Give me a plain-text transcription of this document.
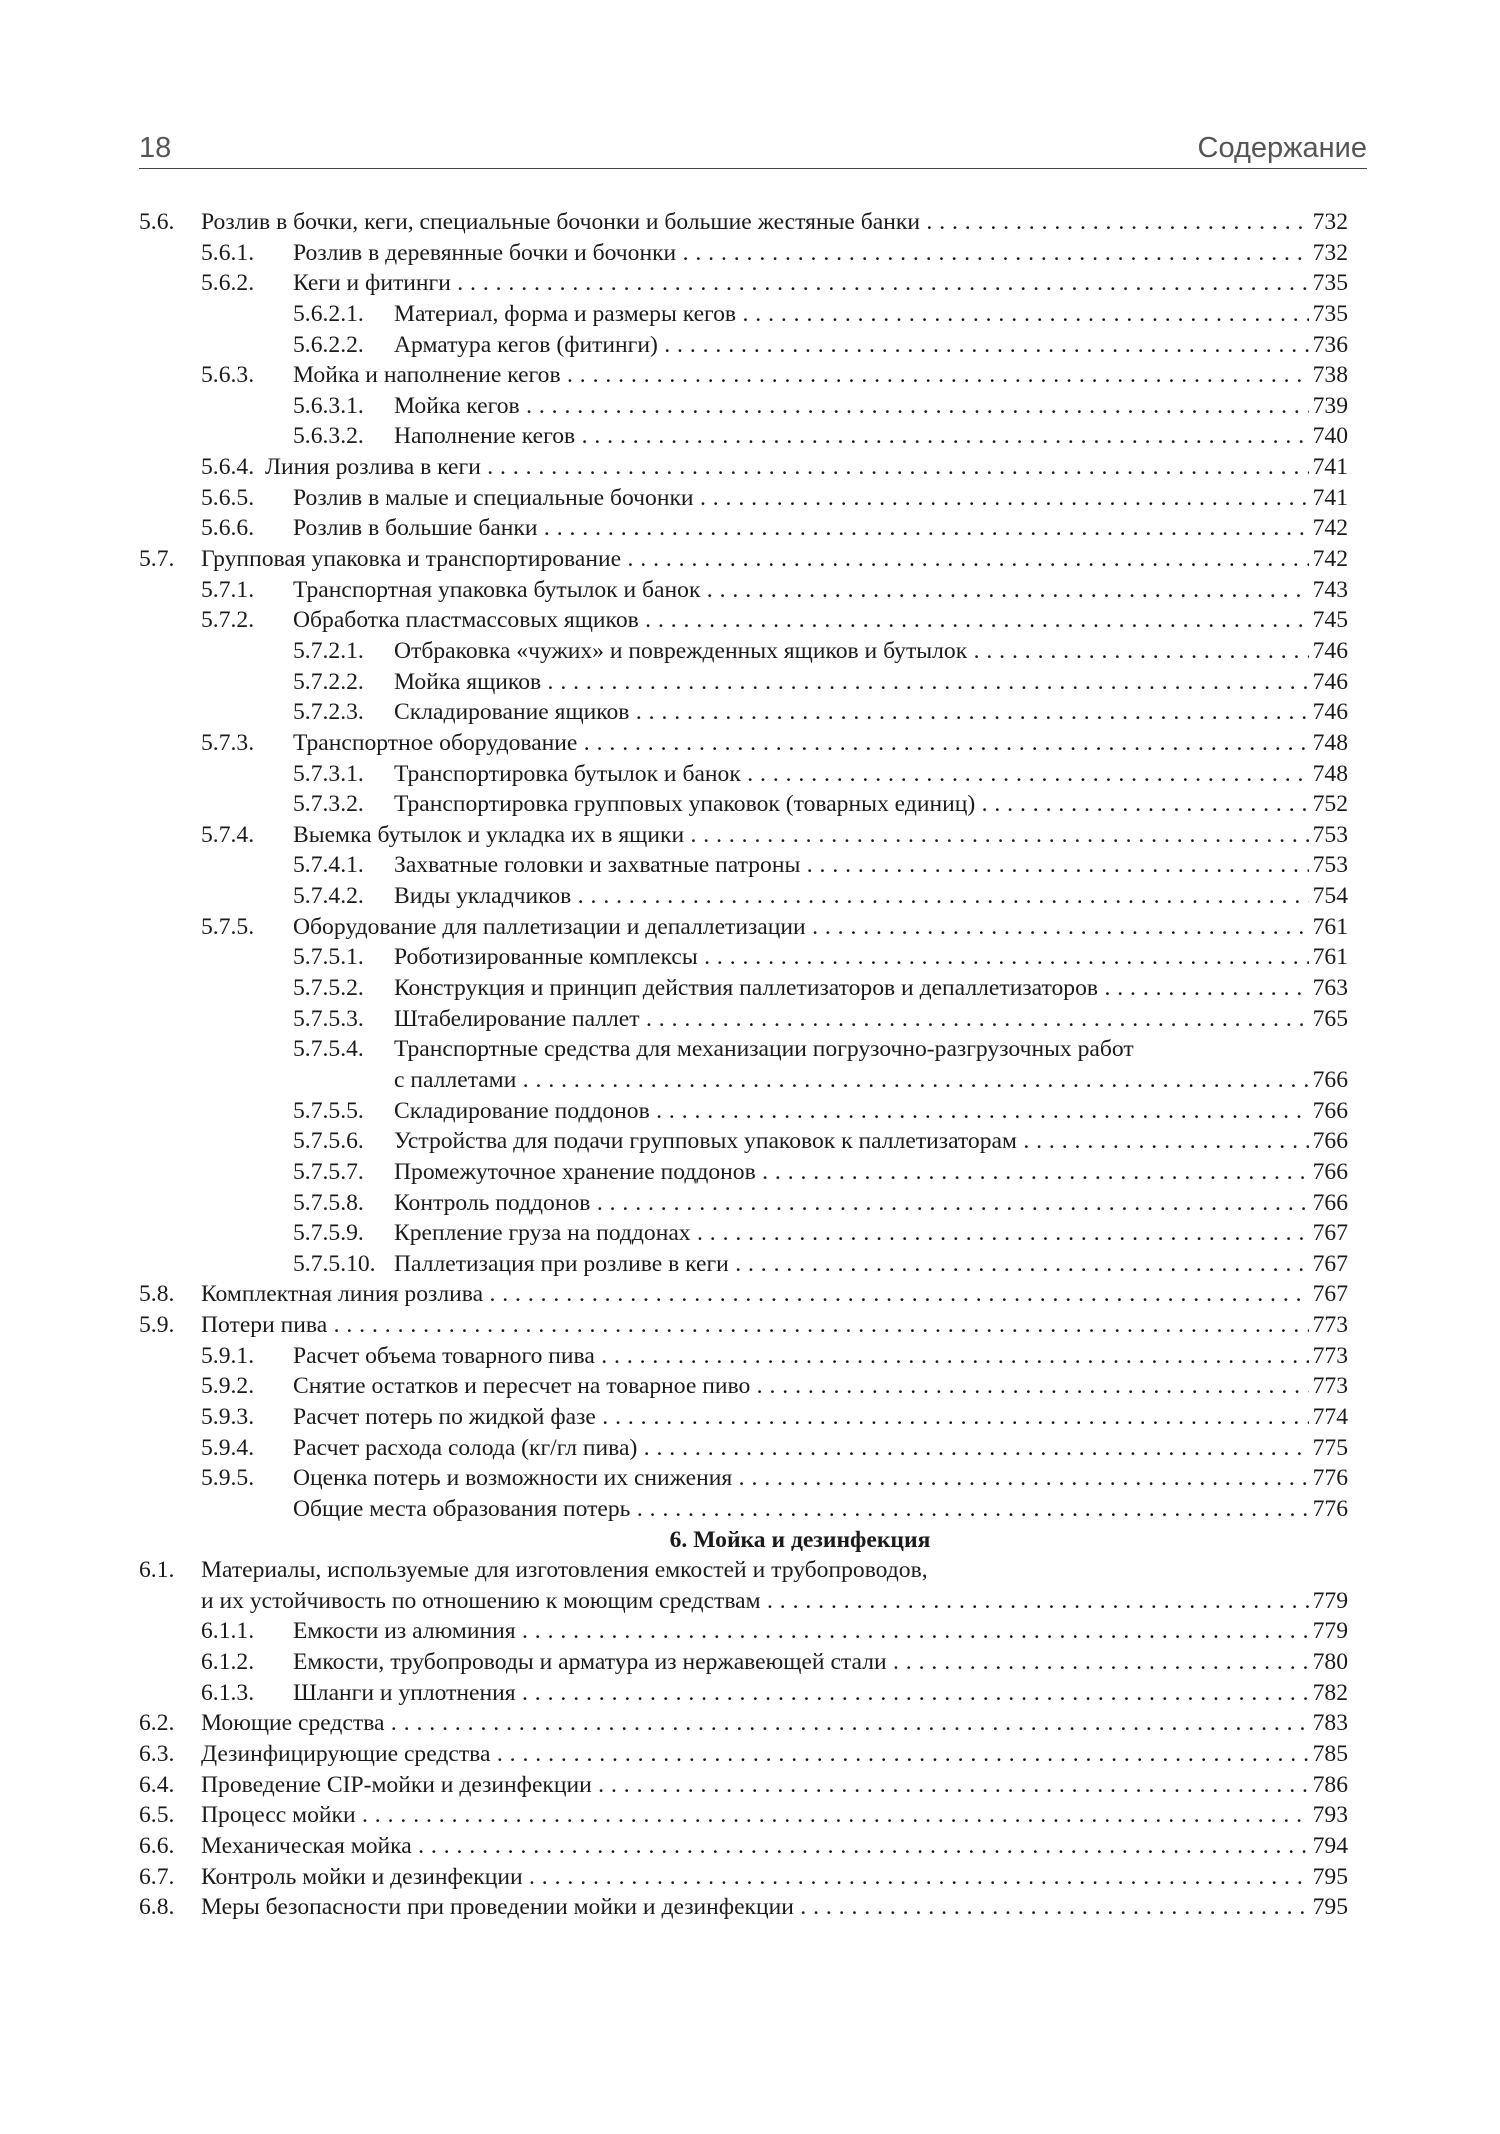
18	Содержание
5.6. Розлив в бочки, кеги, специальные бочонки и большие жестяные банки . . .	732
5.6.1. Розлив в деревянные бочки и бочонки . . .	732
5.6.2. Кеги и фитинги . . .	735
5.6.2.1. Материал, форма и размеры кегов . . .	735
5.6.2.2. Арматура кегов (фитинги) . . .	736
5.6.3. Мойка и наполнение кегов . . .	738
5.6.3.1. Мойка кегов . . .	739
5.6.3.2. Наполнение кегов . . .	740
5.6.4. Линия розлива в кеги . . .	741
5.6.5. Розлив в малые и специальные бочонки . . .	741
5.6.6. Розлив в большие банки . . .	742
5.7. Групповая упаковка и транспортирование . . .	742
5.7.1. Транспортная упаковка бутылок и банок . . .	743
5.7.2. Обработка пластмассовых ящиков . . .	745
5.7.2.1. Отбраковка «чужих» и поврежденных ящиков и бутылок . . .	746
5.7.2.2. Мойка ящиков . . .	746
5.7.2.3. Складирование ящиков . . .	746
5.7.3. Транспортное оборудование . . .	748
5.7.3.1. Транспортировка бутылок и банок . . .	748
5.7.3.2. Транспортировка групповых упаковок (товарных единиц) . . .	752
5.7.4. Выемка бутылок и укладка их в ящики . . .	753
5.7.4.1. Захватные головки и захватные патроны . . .	753
5.7.4.2. Виды укладчиков . . .	754
5.7.5. Оборудование для паллетизации и депаллетизации . . .	761
5.7.5.1. Роботизированные комплексы . . .	761
5.7.5.2. Конструкция и принцип действия паллетизаторов и депаллетизаторов . . .	763
5.7.5.3. Штабелирование паллет . . .	765
5.7.5.4. Транспортные средства для механизации погрузочно-разгрузочных работ
с паллетами . . .	766
5.7.5.5. Складирование поддонов . . .	766
5.7.5.6. Устройства для подачи групповых упаковок к паллетизаторам . . .	766
5.7.5.7. Промежуточное хранение поддонов . . .	766
5.7.5.8. Контроль поддонов . . .	766
5.7.5.9. Крепление груза на поддонах . . .	767
5.7.5.10. Паллетизация при розливе в кеги . . .	767
5.8. Комплектная линия розлива . . .	767
5.9. Потери пива . . .	773
5.9.1. Расчет объема товарного пива . . .	773
5.9.2. Снятие остатков и пересчет на товарное пиво . . .	773
5.9.3. Расчет потерь по жидкой фазе . . .	774
5.9.4. Расчет расхода солода (кг/гл пива) . . .	775
5.9.5. Оценка потерь и возможности их снижения . . .	776
Общие места образования потерь . . .	776
6. Мойка и дезинфекция
6.1. Материалы, используемые для изготовления емкостей и трубопроводов,
и их устойчивость по отношению к моющим средствам . . .	779
6.1.1. Емкости из алюминия . . .	779
6.1.2. Емкости, трубопроводы и арматура из нержавеющей стали . . .	780
6.1.3. Шланги и уплотнения . . .	782
6.2. Моющие средства . . .	783
6.3. Дезинфицирующие средства . . .	785
6.4. Проведение CIP-мойки и дезинфекции . . .	786
6.5. Процесс мойки . . .	793
6.6. Механическая мойка . . .	794
6.7. Контроль мойки и дезинфекции . . .	795
6.8. Меры безопасности при проведении мойки и дезинфекции . . .	795
